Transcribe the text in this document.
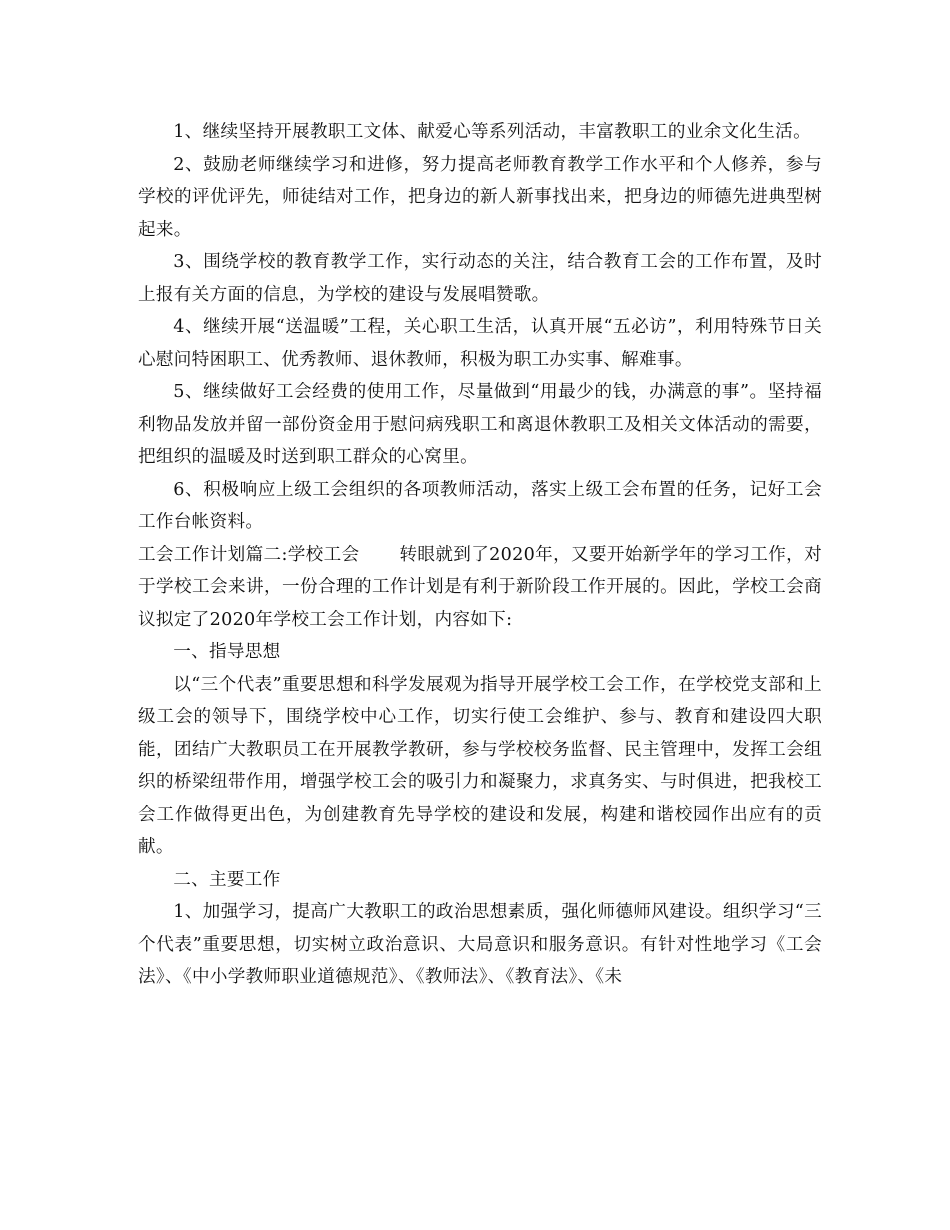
1、继续坚持开展教职工文体、献爱心等系列活动，丰富教职工的业余文化生活。

2、鼓励老师继续学习和进修，努力提高老师教育教学工作水平和个人修养，参与学校的评优评先，师徒结对工作，把身边的新人新事找出来，把身边的师德先进典型树起来。

3、围绕学校的教育教学工作，实行动态的关注，结合教育工会的工作布置，及时上报有关方面的信息，为学校的建设与发展唱赞歌。

4、继续开展“送温暖”工程，关心职工生活，认真开展“五必访”，利用特殊节日关心慰问特困职工、优秀教师、退休教师，积极为职工办实事、解难事。

5、继续做好工会经费的使用工作，尽量做到“用最少的钱，办满意的事”。坚持福利物品发放并留一部份资金用于慰问病残职工和离退休教职工及相关文体活动的需要，把组织的温暖及时送到职工群众的心窝里。

6、积极响应上级工会组织的各项教师活动，落实上级工会布置的任务，记好工会工作台帐资料。

工会工作计划篇二:学校工会 转眼就到了2020年，又要开始新学年的学习工作，对于学校工会来讲，一份合理的工作计划是有利于新阶段工作开展的。因此，学校工会商议拟定了2020年学校工会工作计划，内容如下:

一、指导思想

以“三个代表”重要思想和科学发展观为指导开展学校工会工作，在学校党支部和上级工会的领导下，围绕学校中心工作，切实行使工会维护、参与、教育和建设四大职能，团结广大教职员工在开展教学教研，参与学校校务监督、民主管理中，发挥工会组织的桥梁纽带作用，增强学校工会的吸引力和凝聚力，求真务实、与时俱进，把我校工会工作做得更出色，为创建教育先导学校的建设和发展，构建和谐校园作出应有的贡献。

二、主要工作

1、加强学习，提高广大教职工的政治思想素质，强化师德师风建设。组织学习“三个代表”重要思想，切实树立政治意识、大局意识和服务意识。有针对性地学习《工会法》、《中小学教师职业道德规范》、《教师法》、《教育法》、《未
